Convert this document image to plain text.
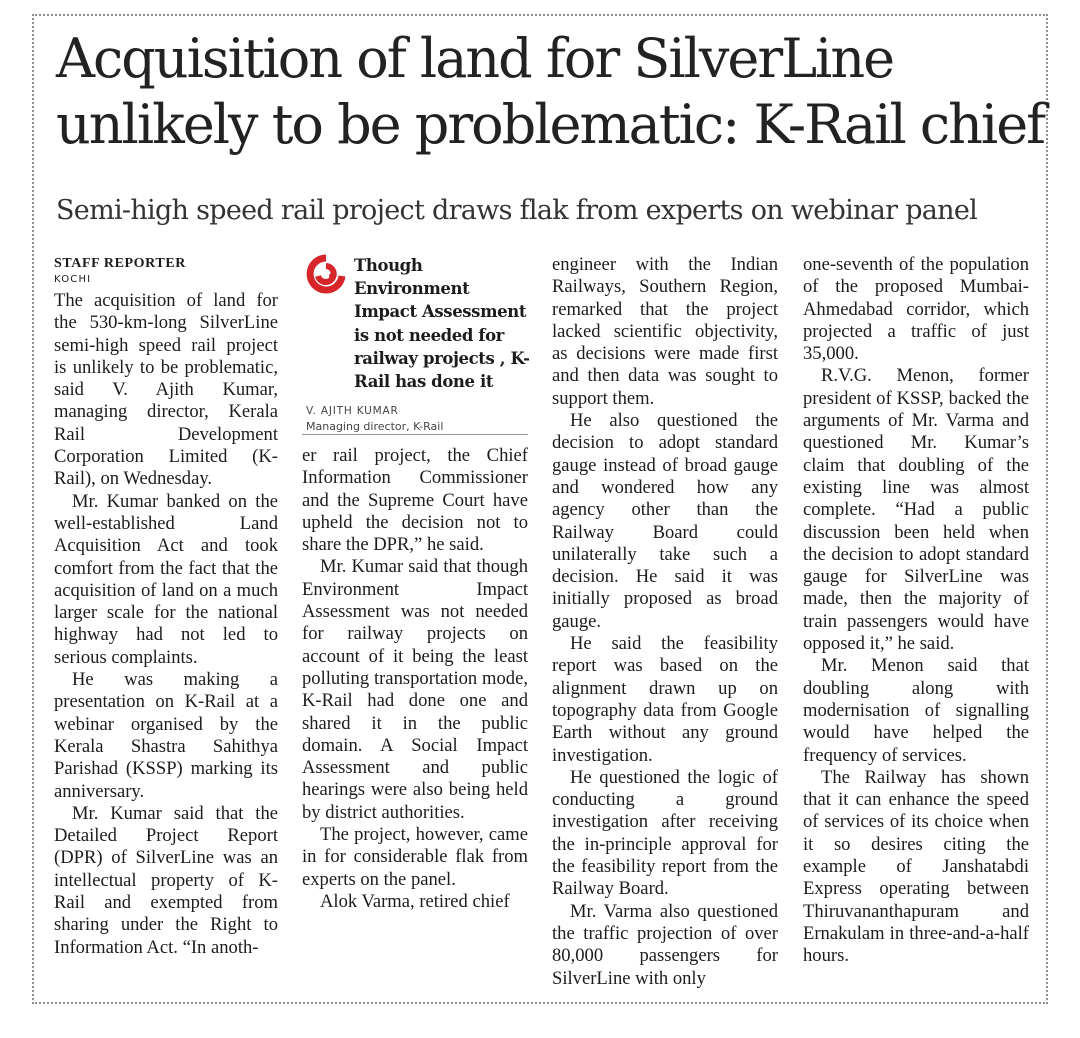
Acquisition of land for SilverLine
unlikely to be problematic: K-Rail chief
Semi-high speed rail project draws flak from experts on webinar panel
STAFF REPORTER
KOCHI

The acquisition of land for the 530-km-long SilverLine semi-high speed rail project is unlikely to be problematic, said V. Ajith Kumar, managing director, Kerala Rail Development Corporation Limited (K-Rail), on Wednesday.

Mr. Kumar banked on the well-established Land Acquisition Act and took comfort from the fact that the acquisition of land on a much larger scale for the national highway had not led to serious complaints.

He was making a presentation on K-Rail at a webinar organised by the Kerala Shastra Sahithya Parishad (KSSP) marking its anniversary.

Mr. Kumar said that the Detailed Project Report (DPR) of SilverLine was an intellectual property of K-Rail and exempted from sharing under the Right to Information Act. “In anoth-

Though Environment Impact Assessment is not needed for railway projects , K-Rail has done it
V. AJITH KUMAR
Managing director, K-Rail

er rail project, the Chief Information Commissioner and the Supreme Court have upheld the decision not to share the DPR,” he said.

Mr. Kumar said that though Environment Impact Assessment was not needed for railway projects on account of it being the least polluting transportation mode, K-Rail had done one and shared it in the public domain. A Social Impact Assessment and public hearings were also being held by district authorities.

The project, however, came in for considerable flak from experts on the panel.

Alok Varma, retired chief

engineer with the Indian Railways, Southern Region, remarked that the project lacked scientific objectivity, as decisions were made first and then data was sought to support them.

He also questioned the decision to adopt standard gauge instead of broad gauge and wondered how any agency other than the Railway Board could unilaterally take such a decision. He said it was initially proposed as broad gauge.

He said the feasibility report was based on the alignment drawn up on topography data from Google Earth without any ground investigation.

He questioned the logic of conducting a ground investigation after receiving the in-principle approval for the feasibility report from the Railway Board.

Mr. Varma also questioned the traffic projection of over 80,000 passengers for SilverLine with only

one-seventh of the population of the proposed Mumbai-Ahmedabad corridor, which projected a traffic of just 35,000.

R.V.G. Menon, former president of KSSP, backed the arguments of Mr. Varma and questioned Mr. Kumar’s claim that doubling of the existing line was almost complete. “Had a public discussion been held when the decision to adopt standard gauge for SilverLine was made, then the majority of train passengers would have opposed it,” he said.

Mr. Menon said that doubling along with modernisation of signalling would have helped the frequency of services.

The Railway has shown that it can enhance the speed of services of its choice when it so desires citing the example of Janshatabdi Express operating between Thiruvananthapuram and Ernakulam in three-and-a-half hours.
